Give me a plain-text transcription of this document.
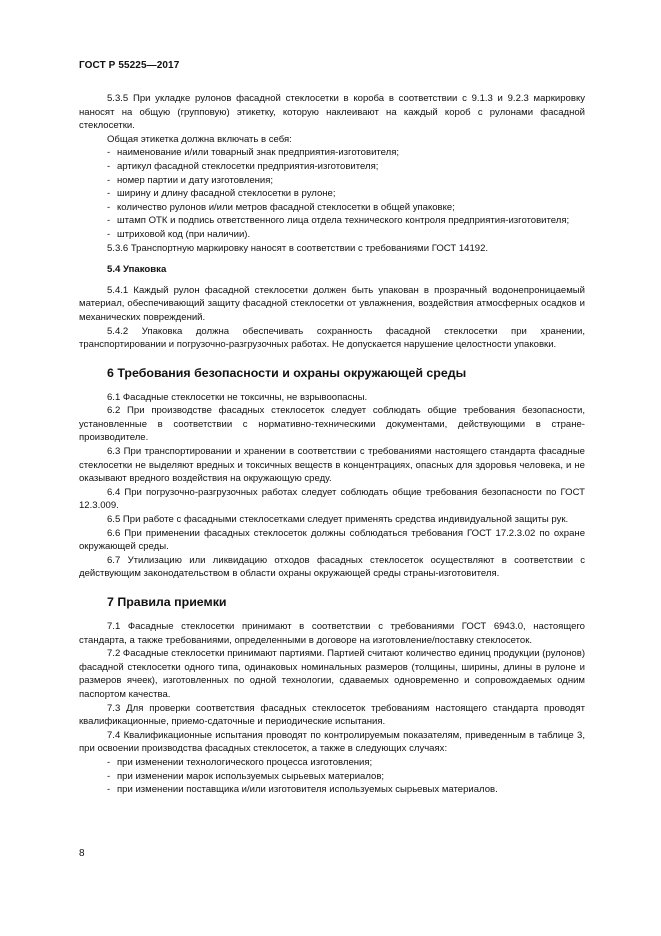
ГОСТ Р 55225—2017

5.3.5 При укладке рулонов фасадной стеклосетки в короба в соответствии с 9.1.3 и 9.2.3 маркировку наносят на общую (групповую) этикетку, которую наклеивают на каждый короб с рулонами фасадной стеклосетки.

Общая этикетка должна включать в себя:

- наименование и/или товарный знак предприятия-изготовителя;

- артикул фасадной стеклосетки предприятия-изготовителя;

- номер партии и дату изготовления;

- ширину и длину фасадной стеклосетки в рулоне;

- количество рулонов и/или метров фасадной стеклосетки в общей упаковке;

- штамп ОТК и подпись ответственного лица отдела технического контроля предприятия-изготовителя;

- штриховой код (при наличии).

5.3.6 Транспортную маркировку наносят в соответствии с требованиями ГОСТ 14192.

5.4 Упаковка

5.4.1 Каждый рулон фасадной стеклосетки должен быть упакован в прозрачный водонепроницаемый материал, обеспечивающий защиту фасадной стеклосетки от увлажнения, воздействия атмосферных осадков и механических повреждений.

5.4.2 Упаковка должна обеспечивать сохранность фасадной стеклосетки при хранении, транспортировании и погрузочно-разгрузочных работах. Не допускается нарушение целостности упаковки.

6 Требования безопасности и охраны окружающей среды

6.1 Фасадные стеклосетки не токсичны, не взрывоопасны.

6.2 При производстве фасадных стеклосеток следует соблюдать общие требования безопасности, установленные в соответствии с нормативно-техническими документами, действующими в стране-производителе.

6.3 При транспортировании и хранении в соответствии с требованиями настоящего стандарта фасадные стеклосетки не выделяют вредных и токсичных веществ в концентрациях, опасных для здоровья человека, и не оказывают вредного воздействия на окружающую среду.

6.4 При погрузочно-разгрузочных работах следует соблюдать общие требования безопасности по ГОСТ 12.3.009.

6.5 При работе с фасадными стеклосетками следует применять средства индивидуальной защиты рук.

6.6 При применении фасадных стеклосеток должны соблюдаться требования ГОСТ 17.2.3.02 по охране окружающей среды.

6.7 Утилизацию или ликвидацию отходов фасадных стеклосеток осуществляют в соответствии с действующим законодательством в области охраны окружающей среды страны-изготовителя.

7 Правила приемки

7.1 Фасадные стеклосетки принимают в соответствии с требованиями ГОСТ 6943.0, настоящего стандарта, а также требованиями, определенными в договоре на изготовление/поставку стеклосеток.

7.2 Фасадные стеклосетки принимают партиями. Партией считают количество единиц продукции (рулонов) фасадной стеклосетки одного типа, одинаковых номинальных размеров (толщины, ширины, длины в рулоне и размеров ячеек), изготовленных по одной технологии, сдаваемых одновременно и сопровождаемых одним паспортом качества.

7.3 Для проверки соответствия фасадных стеклосеток требованиям настоящего стандарта проводят квалификационные, приемо-сдаточные и периодические испытания.

7.4 Квалификационные испытания проводят по контролируемым показателям, приведенным в таблице 3, при освоении производства фасадных стеклосеток, а также в следующих случаях:

- при изменении технологического процесса изготовления;

- при изменении марок используемых сырьевых материалов;

- при изменении поставщика и/или изготовителя используемых сырьевых материалов.

8
